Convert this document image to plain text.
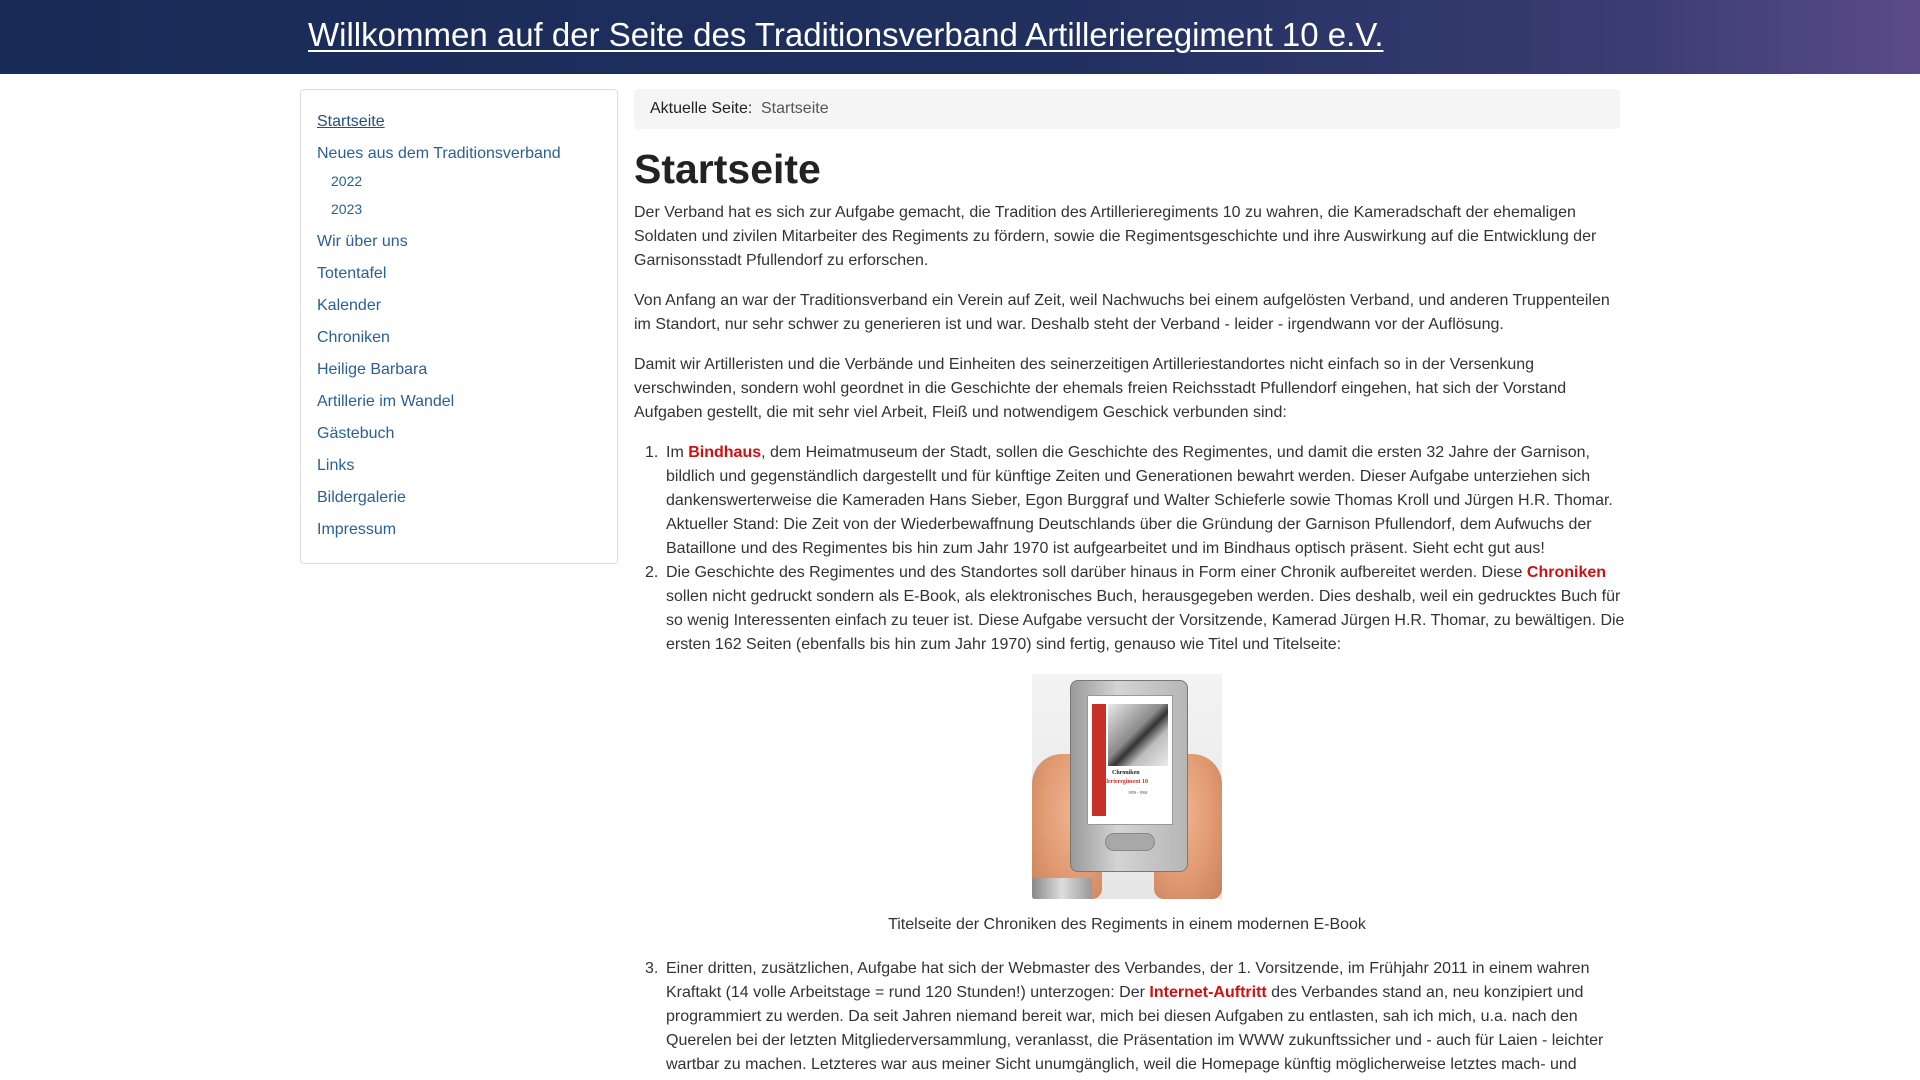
Willkommen auf der Seite des Traditionsverband Artillerieregiment 10 e.V.
Startseite
Neues aus dem Traditionsverband
2022
2023
Wir über uns
Totentafel
Kalender
Chroniken
Heilige Barbara
Artillerie im Wandel
Gästebuch
Links
Bildergalerie
Impressum
Aktuelle Seite: Startseite
Startseite

Der Verband hat es sich zur Aufgabe gemacht, die Tradition des Artillerieregiments 10 zu wahren, die Kameradschaft der ehemaligen Soldaten und zivilen Mitarbeiter des Regiments zu fördern, sowie die Regimentsgeschichte und ihre Auswirkung auf die Entwicklung der Garnisonsstadt Pfullendorf zu erforschen.

Von Anfang an war der Traditionsverband ein Verein auf Zeit, weil Nachwuchs bei einem aufgelösten Verband, und anderen Truppenteilen im Standort, nur sehr schwer zu generieren ist und war. Deshalb steht der Verband - leider - irgendwann vor der Auflösung.

Damit wir Artilleristen und die Verbände und Einheiten des seinerzeitigen Artilleriestandortes nicht einfach so in der Versenkung verschwinden, sondern wohl geordnet in die Geschichte der ehemals freien Reichsstadt Pfullendorf eingehen, hat sich der Vorstand Aufgaben gestellt, die mit sehr viel Arbeit, Fleiß und notwendigem Geschick verbunden sind:

1. Im Bindhaus, dem Heimatmuseum der Stadt, sollen die Geschichte des Regimentes, und damit die ersten 32 Jahre der Garnison, bildlich und gegenständlich dargestellt und für künftige Zeiten und Generationen bewahrt werden. Dieser Aufgabe unterziehen sich dankenswerterweise die Kameraden Hans Sieber, Egon Burggraf und Walter Schieferle sowie Thomas Kroll und Jürgen H.R. Thomar. Aktueller Stand: Die Zeit von der Wiederbewaffnung Deutschlands über die Gründung der Garnison Pfullendorf, dem Aufwuchs der Bataillone und des Regimentes bis hin zum Jahr 1970 ist aufgearbeitet und im Bindhaus optisch präsent. Sieht echt gut aus!
2. Die Geschichte des Regimentes und des Standortes soll darüber hinaus in Form einer Chronik aufbereitet werden. Diese Chroniken sollen nicht gedruckt sondern als E-Book, als elektronisches Buch, herausgegeben werden. Dies deshalb, weil ein gedrucktes Buch für so wenig Interessenten einfach zu teuer ist. Diese Aufgabe versucht der Vorsitzende, Kamerad Jürgen H.R. Thomar, zu bewältigen. Die ersten 162 Seiten (ebenfalls bis hin zum Jahr 1970) sind fertig, genauso wie Titel und Titelseite:
Chroniken
Artillerieregiment 10
1959 - 1994
Titelseite der Chroniken des Regiments in einem modernen E-Book
3. Einer dritten, zusätzlichen, Aufgabe hat sich der Webmaster des Verbandes, der 1. Vorsitzende, im Frühjahr 2011 in einem wahren Kraftakt (14 volle Arbeitstage = rund 120 Stunden!) unterzogen: Der Internet-Auftritt des Verbandes stand an, neu konzipiert und programmiert zu werden. Da seit Jahren niemand bereit war, mich bei diesen Aufgaben zu entlasten, sah ich mich, u.a. nach den Querelen bei der letzten Mitgliederversammlung, veranlasst, die Präsentation im WWW zukunftssicher und - auch für Laien - leichter wartbar zu machen. Letzteres war aus meiner Sicht unumgänglich, weil die Homepage künftig möglicherweise letztes mach- und
